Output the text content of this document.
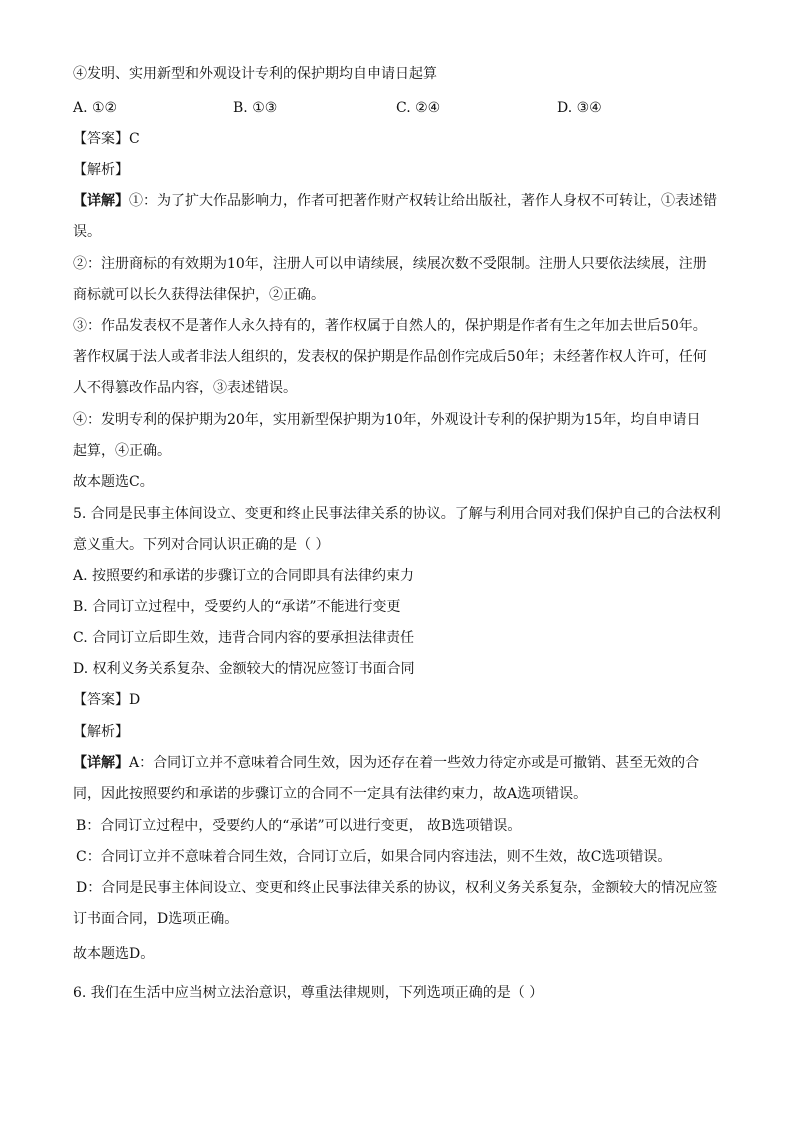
④发明、实用新型和外观设计专利的保护期均自申请日起算
A. ①②	B. ①③	C. ②④	D. ③④
【答案】C
【解析】
【详解】①：为了扩大作品影响力，作者可把著作财产权转让给出版社，著作人身权不可转让，①表述错
误。
②：注册商标的有效期为10年，注册人可以申请续展，续展次数不受限制。注册人只要依法续展，注册
商标就可以长久获得法律保护，②正确。
③：作品发表权不是著作人永久持有的，著作权属于自然人的，保护期是作者有生之年加去世后50年。
著作权属于法人或者非法人组织的，发表权的保护期是作品创作完成后50年；未经著作权人许可，任何
人不得篡改作品内容，③表述错误。
④：发明专利的保护期为20年，实用新型保护期为10年，外观设计专利的保护期为15年，均自申请日
起算，④正确。
故本题选C。
5. 合同是民事主体间设立、变更和终止民事法律关系的协议。了解与利用合同对我们保护自己的合法权利
意义重大。下列对合同认识正确的是（ ）
A. 按照要约和承诺的步骤订立的合同即具有法律约束力
B. 合同订立过程中，受要约人的“承诺”不能进行变更
C. 合同订立后即生效，违背合同内容的要承担法律责任
D. 权利义务关系复杂、金额较大的情况应签订书面合同
【答案】D
【解析】
【详解】A：合同订立并不意味着合同生效，因为还存在着一些效力待定亦或是可撤销、甚至无效的合
同，因此按照要约和承诺的步骤订立的合同不一定具有法律约束力，故A选项错误。
B：合同订立过程中，受要约人的“承诺”可以进行变更， 故B选项错误。
C：合同订立并不意味着合同生效，合同订立后，如果合同内容违法，则不生效，故C选项错误。
D：合同是民事主体间设立、变更和终止民事法律关系的协议，权利义务关系复杂，金额较大的情况应签
订书面合同，D选项正确。
故本题选D。
6. 我们在生活中应当树立法治意识，尊重法律规则，下列选项正确的是（ ）
